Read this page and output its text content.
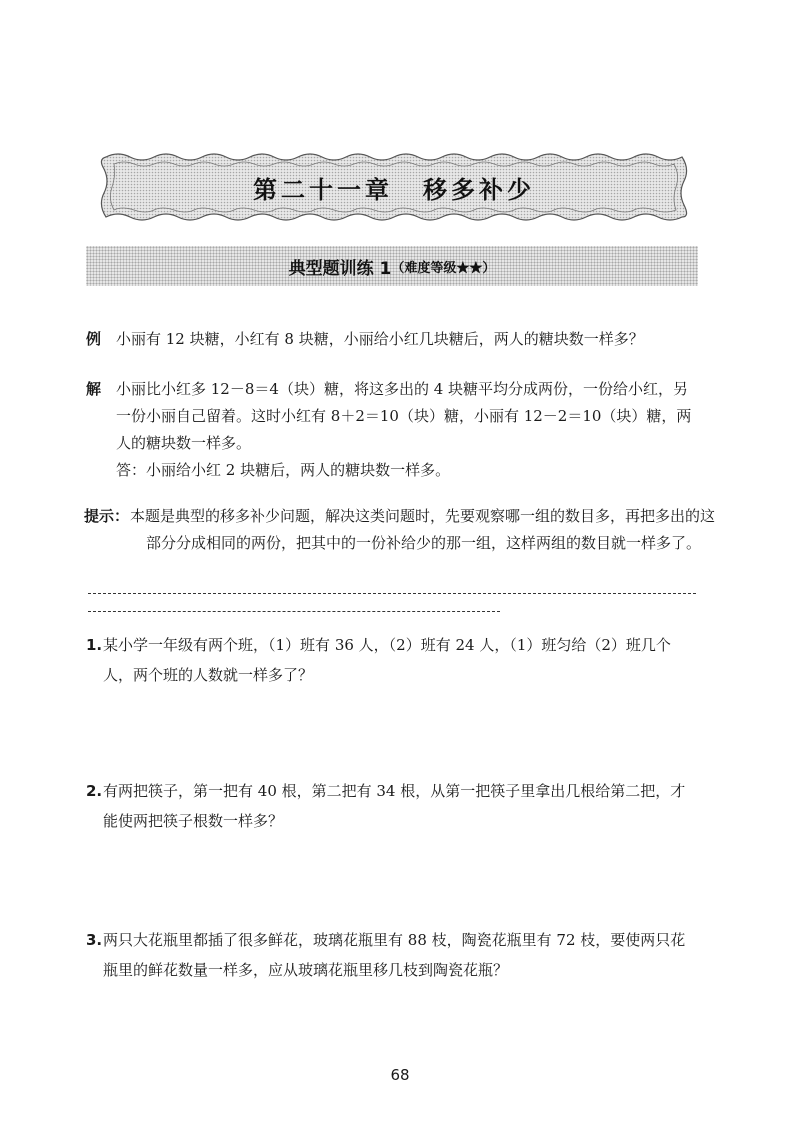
第二十一章 移多补少
典型题训练 1 （难度等级★★）
例 小丽有 12 块糖，小红有 8 块糖，小丽给小红几块糖后，两人的糖块数一样多？
解 小丽比小红多 12－8＝4（块）糖，将这多出的 4 块糖平均分成两份，一份给小红，另一份小丽自己留着。这时小红有 8＋2＝10（块）糖，小丽有 12－2＝10（块）糖，两人的糖块数一样多。
答：小丽给小红 2 块糖后，两人的糖块数一样多。
提示： 本题是典型的移多补少问题，解决这类问题时，先要观察哪一组的数目多，再把多出的这部分分成相同的两份，把其中的一份补给少的那一组，这样两组的数目就一样多了。
1. 某小学一年级有两个班，（1）班有 36 人，（2）班有 24 人，（1）班匀给（2）班几个人，两个班的人数就一样多了？
2. 有两把筷子，第一把有 40 根，第二把有 34 根，从第一把筷子里拿出几根给第二把，才能使两把筷子根数一样多？
3. 两只大花瓶里都插了很多鲜花，玻璃花瓶里有 88 枝，陶瓷花瓶里有 72 枝，要使两只花瓶里的鲜花数量一样多，应从玻璃花瓶里移几枝到陶瓷花瓶？
68
